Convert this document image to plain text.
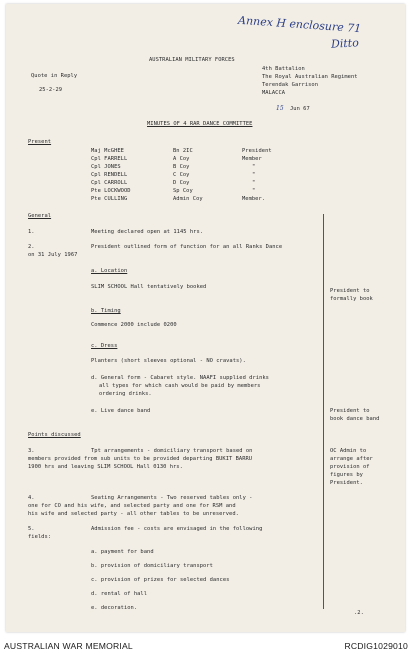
Annex H enclosure 71
Ditto
AUSTRALIAN MILITARY FORCES
Quote in Reply
25-2-29
4th Battalion
The Royal Australian Regiment
Terendak Garrison
MALACCA
15 Jun 67
MINUTES OF 4 RAR DANCE COMMITTEE
Present
Maj McGHEE	Bn 2IC	President
Cpl FARRELL	A Coy	Member
Cpl JONES	B Coy	"
Cpl RENDELL	C Coy	"
Cpl CARROLL	D Coy	"
Pte LOCKWOOD	Sp Coy	"
Pte CULLING	Admin Coy	Member.
General
1.	Meeting declared open at 1145 hrs.
2.	President outlined form of function for an all Ranks Dance
on 31 July 1967
a. Location
SLIM SCHOOL Hall tentatively booked
b. Timing
Commence 2000 include 0200
c. Dress
Planters (short sleeves optional - NO cravats).
d. General form - Cabaret style. NAAFI supplied drinks
all types for which cash would be paid by members
ordering drinks.
e. Live dance band
President to
formally book
President to
book dance band
Points discussed
3.	Tpt arrangements - domiciliary transport based on
members provided from sub units to be provided departing BUKIT BARRU
1900 hrs and leaving SLIM SCHOOL Hall 0130 hrs.
OC Admin to
arrange after
provision of
figures by
President.
4.	Seating Arrangements - Two reserved tables only -
one for CO and his wife, and selected party and one for RSM and
his wife and selected party - all other tables to be unreserved.
5.	Admission fee - costs are envisaged in the following
fields:
a. payment for band
b. provision of domiciliary transport
c. provision of prizes for selected dances
d. rental of hall
e. decoration.
.2.
AUSTRALIAN WAR MEMORIAL	RCDIG1029010
